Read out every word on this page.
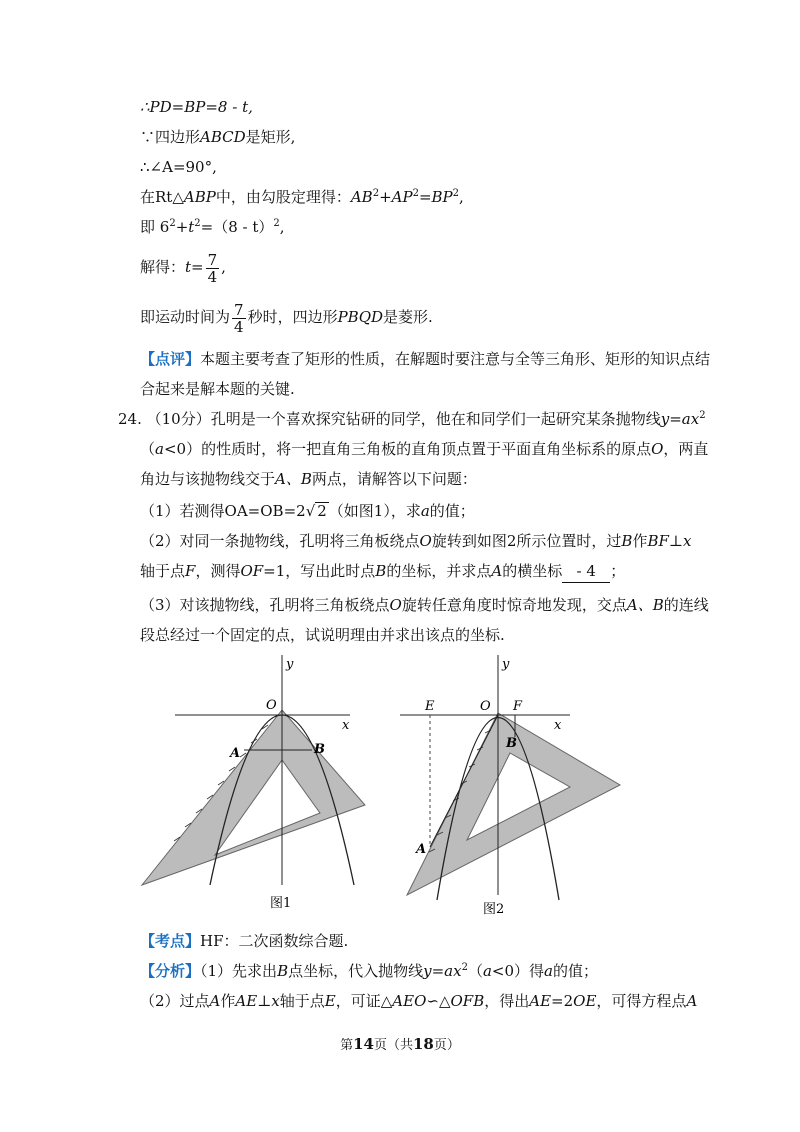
∴PD=BP=8 - t,
∵四边形ABCD是矩形,
∴∠A=90°,
在Rt△ABP中，由勾股定理得：$AB^2+AP^2=BP^2$,
即 $6^2+t^2=(8 - t)^2$,
解得：$t= \frac{7}{4}$ ,
即运动时间为 $\frac{7}{4}$ 秒时，四边形PBQD是菱形.
【点评】本题主要考查了矩形的性质，在解题时要注意与全等三角形、矩形的知识点结
合起来是解本题的关键.
24. （10分）孔明是一个喜欢探究钻研的同学，他在和同学们一起研究某条抛物线$y=ax^2$
（a<0）的性质时，将一把直角三角板的直角顶点置于平面直角坐标系的原点O，两直
角边与该抛物线交于A、B两点，请解答以下问题：
（1）若测得OA=OB=2√ 2 （如图1），求a的值；
（2）对同一条抛物线，孔明将三角板绕点O旋转到如图2所示位置时，过B作BF⊥x
轴于点F，测得OF=1，写出此时点B的坐标，并求点A的横坐标 - 4 ；
（3）对该抛物线，孔明将三角板绕点O旋转任意角度时惊奇地发现，交点A、B的连线
段总经过一个固定的点，试说明理由并求出该点的坐标.
y
O
x
A	B
图1
y
O
x
E	F
B
A
图2
【考点】HF：二次函数综合题.
【分析】（1）先求出B点坐标，代入抛物线$y=ax^2(a<0)$得a的值；
（2）过点A作AE⊥x轴于点E，可证△AEO∽△OFB，得出AE=2OE，可得方程点A
第14页（共18页）
